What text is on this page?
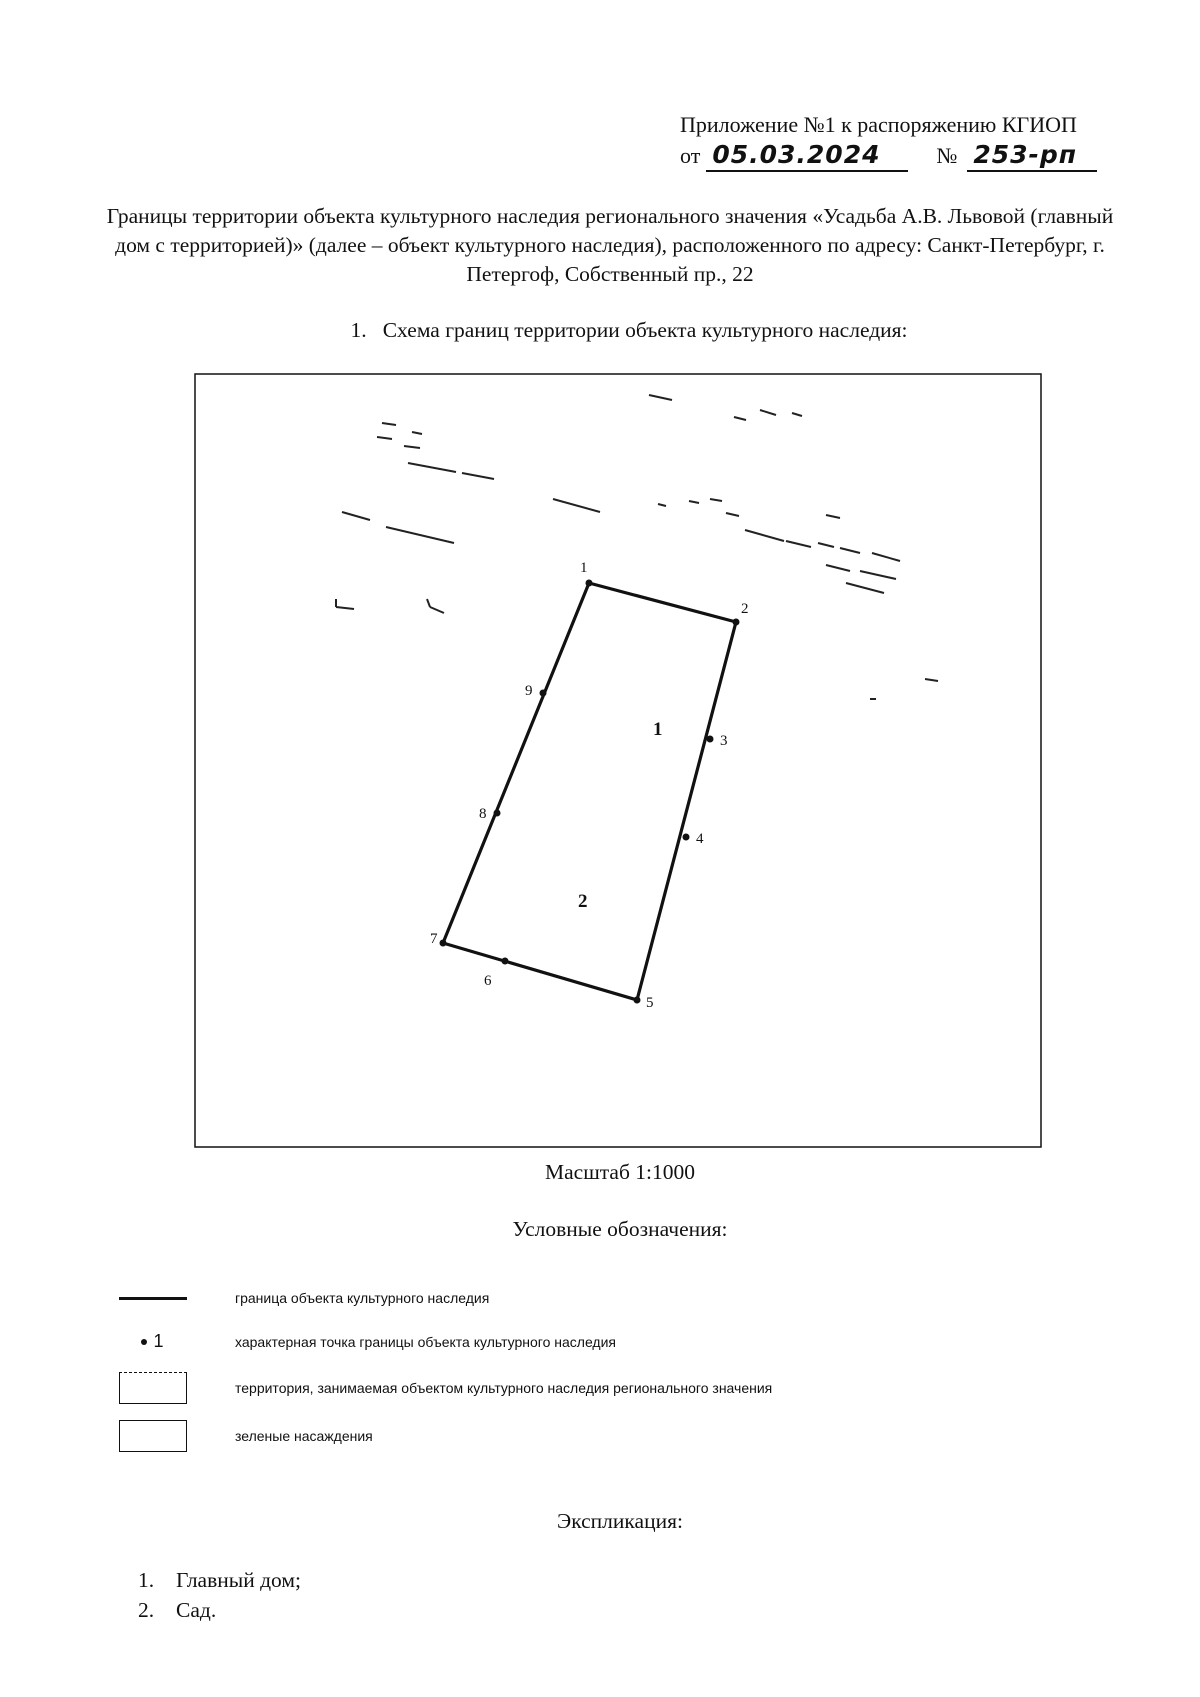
Приложение №1 к распоряжению КГИОП
от 05.03.2024	№ 253-рп
Границы территории объекта культурного наследия регионального значения «Усадьба А.В. Львовой (главный дом с территорией)» (далее – объект культурного наследия), расположенного по адресу: Санкт-Петербург, г. Петергоф, Собственный пр., 22
1. Схема границ территории объекта культурного наследия:
1
2
3
4
5
6
7
8
9
1
2
Масштаб 1:1000
Условные обозначения:
граница объекта культурного наследия
1	характерная точка границы объекта культурного наследия
территория, занимаемая объектом культурного наследия регионального значения
зеленые насаждения
Экспликация:
1.	Главный дом;
2.	Сад.
